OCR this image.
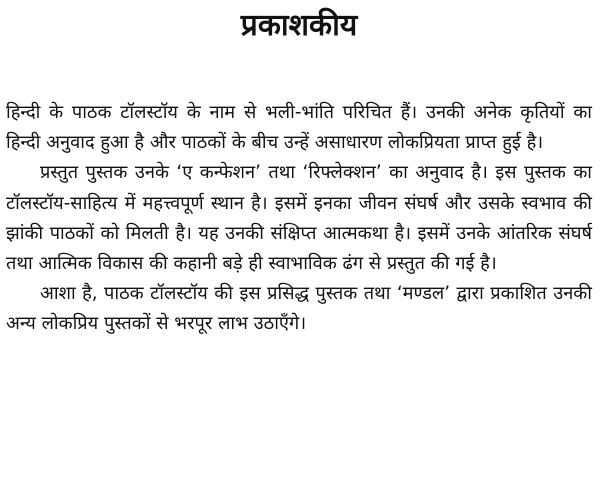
प्रकाशकीय

हिन्दी के पाठक टॉलस्टॉय के नाम से भली-भांति परिचित हैं। उनकी अनेक कृतियों का हिन्दी अनुवाद हुआ है और पाठकों के बीच उन्हें असाधारण लोकप्रियता प्राप्त हुई है।

प्रस्तुत पुस्तक उनके ‘ए कन्फेशन’ तथा ‘रिफ्लेक्शन’ का अनुवाद है। इस पुस्तक का टॉलस्टॉय-साहित्य में महत्त्वपूर्ण स्थान है। इसमें इनका जीवन संघर्ष और उसके स्वभाव की झांकी पाठकों को मिलती है। यह उनकी संक्षिप्त आत्मकथा है। इसमें उनके आंतरिक संघर्ष तथा आत्मिक विकास की कहानी बड़े ही स्वाभाविक ढंग से प्रस्तुत की गई है।

आशा है, पाठक टॉलस्टॉय की इस प्रसिद्ध पुस्तक तथा ‘मण्डल’ द्वारा प्रकाशित उनकी अन्य लोकप्रिय पुस्तकों से भरपूर लाभ उठाएँगे।
